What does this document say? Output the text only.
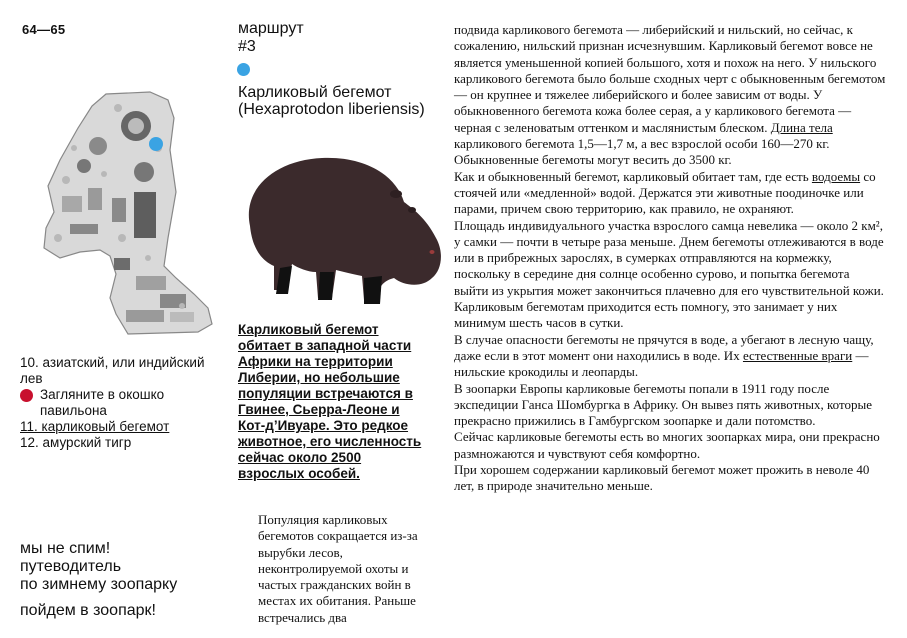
64—65
10. азиатский, или индийский лев
Загляните в окошко павильона
11. карликовый бегемот
12. амурский тигр
мы не спим!
путеводитель
по зимнему зоопарку
пойдем в зоопарк!
маршрут
#3
Карликовый бегемот (Hexaprotodon liberiensis)
Карликовый бегемот обитает в западной части Африки на территории Либерии, но небольшие популяции встречаются в Гвинее, Сьерра-Леоне и Кот-д’Ивуаре. Это редкое животное, его численность сейчас около 2500 взрослых особей.

Популяция карликовых бегемотов сокращается из-за вырубки лесов, неконтролируемой охоты и частых гражданских войн в местах их обитания. Раньше встречались два

подвида карликового бегемота — либерийский и нильский, но сейчас, к сожалению, нильский признан исчезнувшим. Карликовый бегемот вовсе не является уменьшенной копией большого, хотя и похож на него. У нильского карликового бегемота было больше сходных черт с обыкновенным бегемотом — он крупнее и тяжелее либерийского и более зависим от воды. У обыкновенного бегемота кожа более серая, а у карликового бегемота — черная с зеленоватым оттенком и маслянистым блеском. Длина тела карликового бегемота 1,5—1,7 м, а вес взрослой особи 160—270 кг. Обыкновенные бегемоты могут весить до 3500 кг.

Как и обыкновенный бегемот, карликовый обитает там, где есть водоемы со стоячей или «медленной» водой. Держатся эти животные поодиночке или парами, причем свою территорию, как правило, не охраняют.

Площадь индивидуального участка взрослого самца невелика — около 2 км², у самки — почти в четыре раза меньше. Днем бегемоты отлеживаются в воде или в прибрежных зарослях, в сумерках отправляются на кормежку, поскольку в середине дня солнце особенно сурово, и попытка бегемота выйти из укрытия может закончиться плачевно для его чувствительной кожи.

Карликовым бегемотам приходится есть помногу, это занимает у них минимум шесть часов в сутки.

В случае опасности бегемоты не прячутся в воде, а убегают в лесную чащу, даже если в этот момент они находились в воде. Их естественные враги — нильские крокодилы и леопарды.

В зоопарки Европы карликовые бегемоты попали в 1911 году после экспедиции Ганса Шомбургка в Африку. Он вывез пять животных, которые прекрасно прижились в Гамбургском зоопарке и дали потомство.

Сейчас карликовые бегемоты есть во многих зоопарках мира, они прекрасно размножаются и чувствуют себя комфортно.

При хорошем содержании карликовый бегемот может прожить в неволе 40 лет, в природе значительно меньше.
